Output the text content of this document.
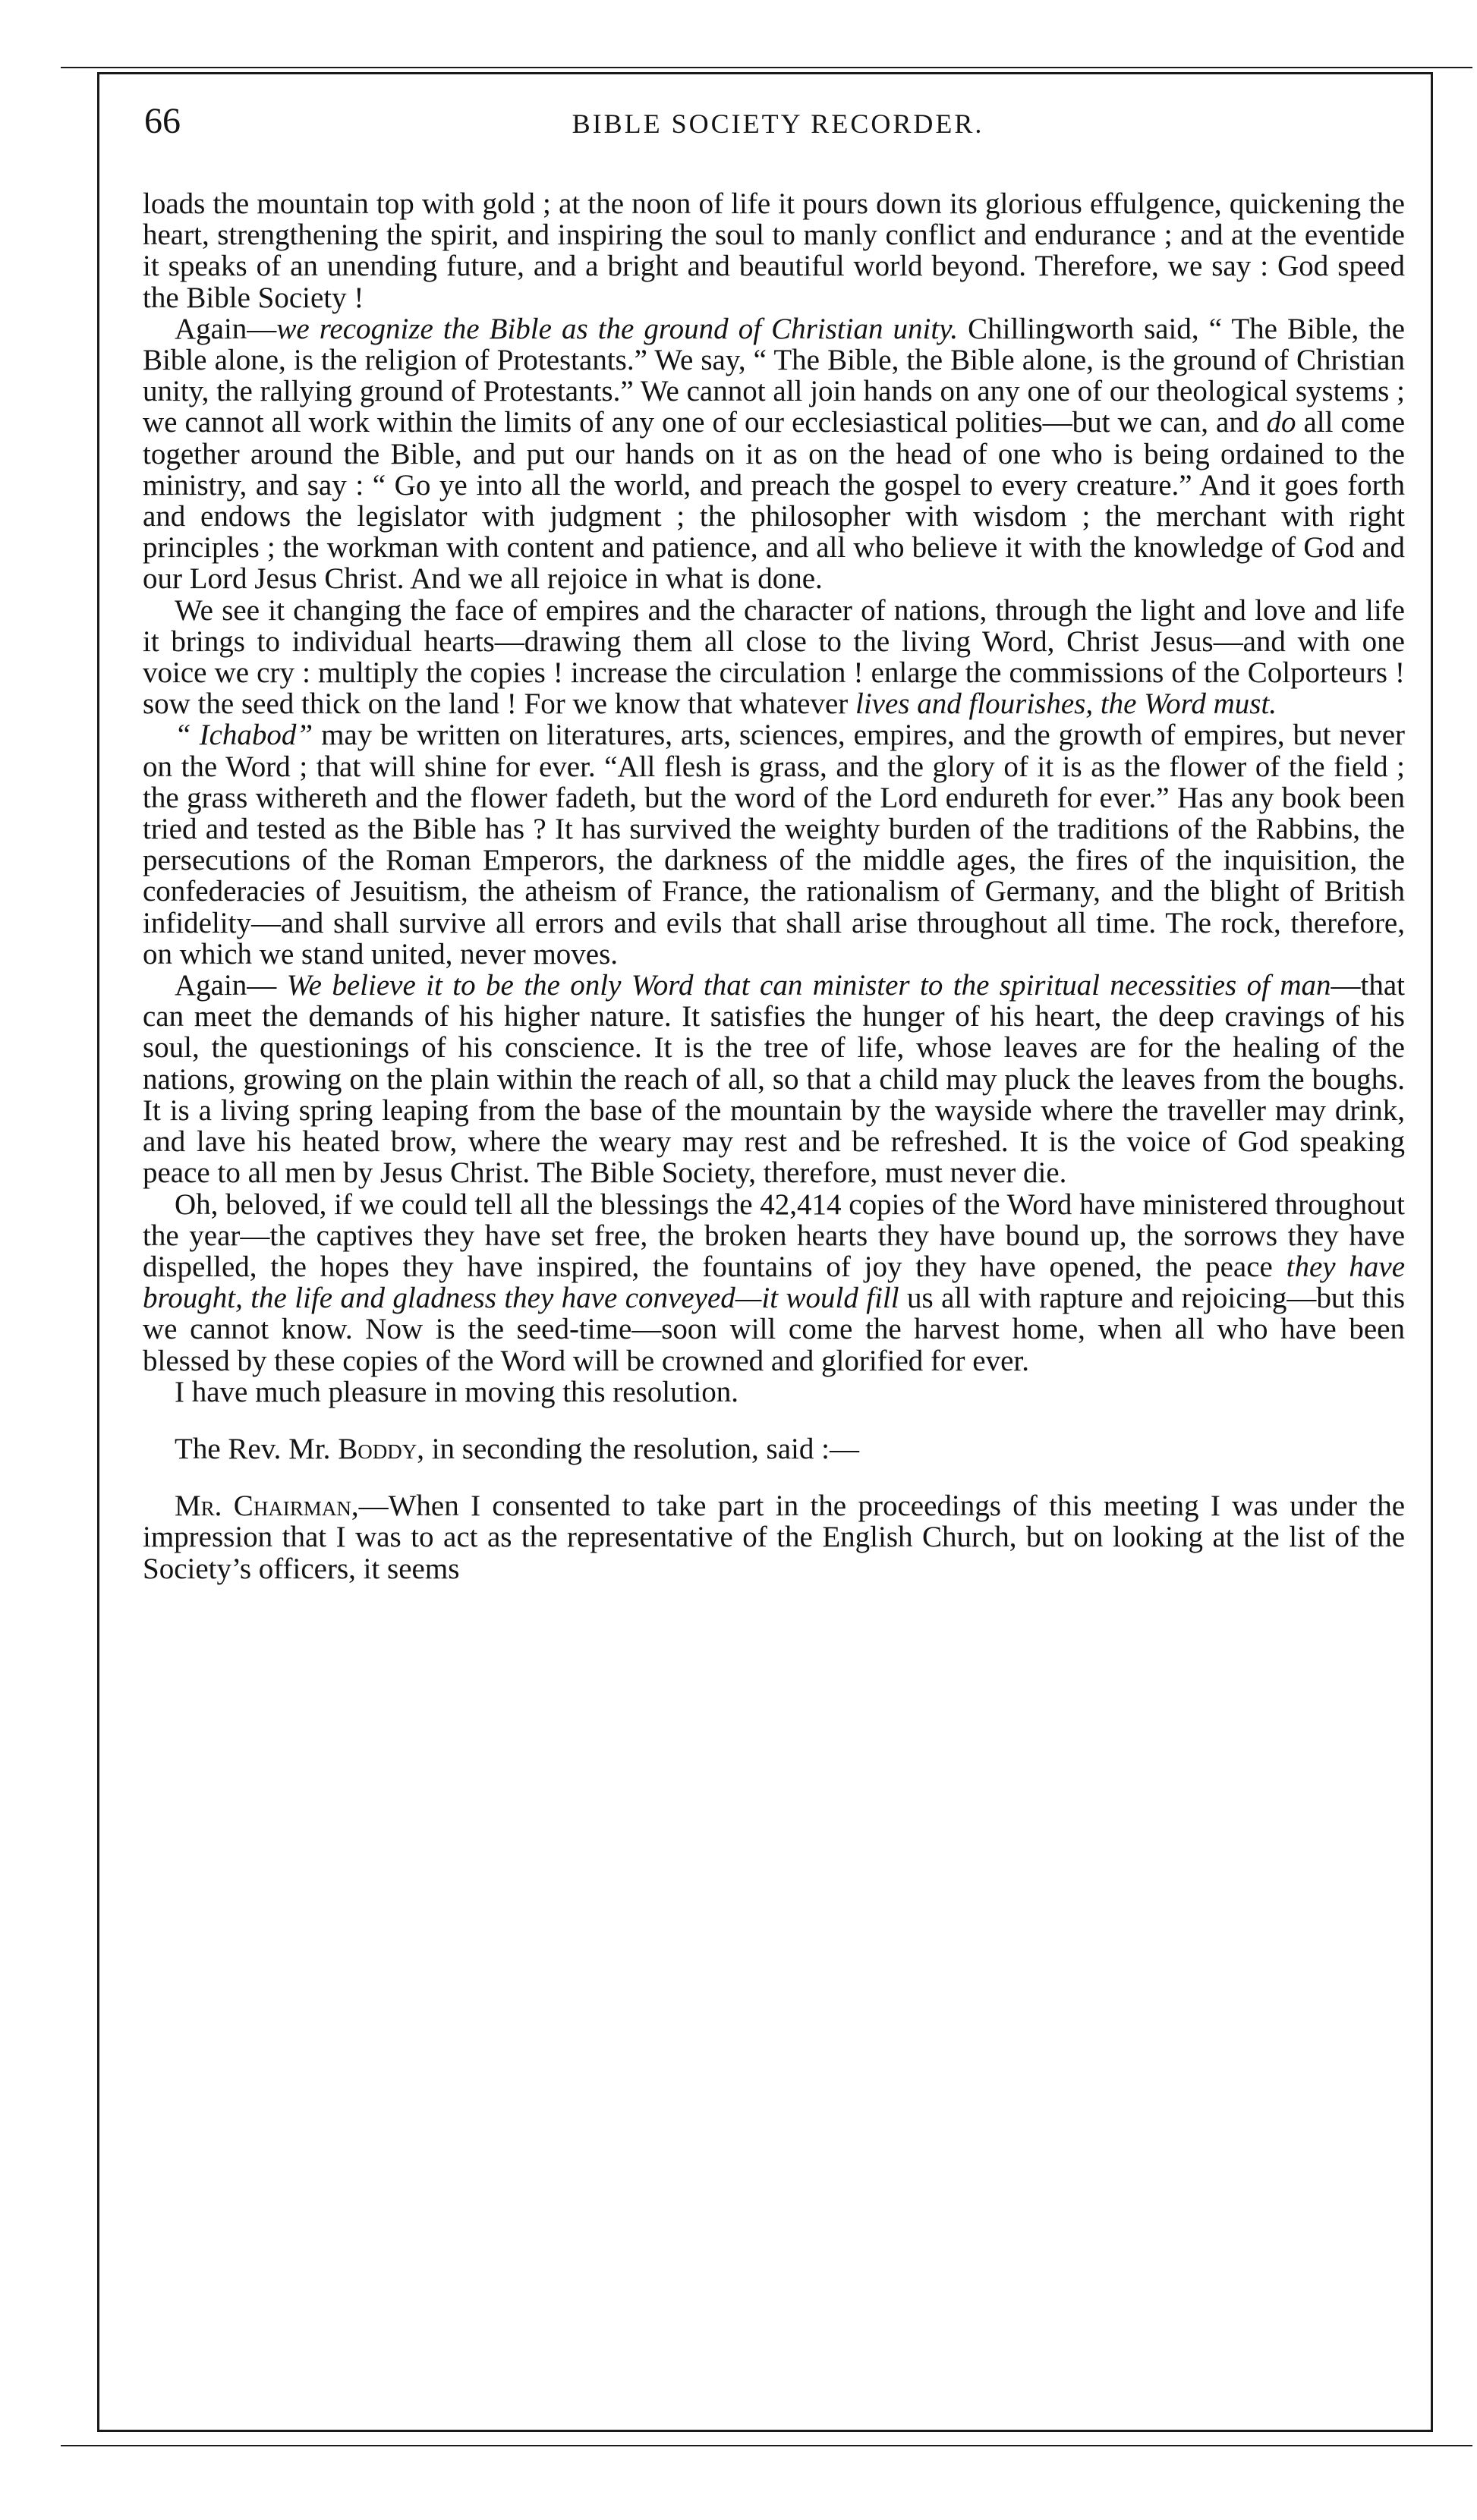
66	BIBLE SOCIETY RECORDER.

loads the mountain top with gold ; at the noon of life it pours down its glorious effulgence, quickening the heart, strengthening the spirit, and inspiring the soul to manly conflict and endurance ; and at the eventide it speaks of an unending future, and a bright and beautiful world beyond. Therefore, we say : God speed the Bible Society !

Again—we recognize the Bible as the ground of Christian unity. Chillingworth said, “ The Bible, the Bible alone, is the religion of Protestants.” We say, “ The Bible, the Bible alone, is the ground of Christian unity, the rallying ground of Protestants.” We cannot all join hands on any one of our theological systems ; we cannot all work within the limits of any one of our ecclesiastical polities—but we can, and do all come together around the Bible, and put our hands on it as on the head of one who is being ordained to the ministry, and say : “ Go ye into all the world, and preach the gospel to every creature.” And it goes forth and endows the legislator with judgment ; the philosopher with wisdom ; the merchant with right principles ; the workman with content and patience, and all who believe it with the knowledge of God and our Lord Jesus Christ. And we all rejoice in what is done.

We see it changing the face of empires and the character of nations, through the light and love and life it brings to individual hearts—drawing them all close to the living Word, Christ Jesus—and with one voice we cry : multiply the copies ! increase the circulation ! enlarge the commissions of the Colporteurs ! sow the seed thick on the land ! For we know that whatever lives and flourishes, the Word must.

“ Ichabod” may be written on literatures, arts, sciences, empires, and the growth of empires, but never on the Word ; that will shine for ever. “All flesh is grass, and the glory of it is as the flower of the field ; the grass withereth and the flower fadeth, but the word of the Lord endureth for ever.” Has any book been tried and tested as the Bible has ? It has survived the weighty burden of the traditions of the Rabbins, the persecutions of the Roman Emperors, the darkness of the middle ages, the fires of the inquisition, the confederacies of Jesuitism, the atheism of France, the rationalism of Germany, and the blight of British infidelity—and shall survive all errors and evils that shall arise throughout all time. The rock, therefore, on which we stand united, never moves.

Again— We believe it to be the only Word that can minister to the spiritual necessities of man—that can meet the demands of his higher nature. It satisfies the hunger of his heart, the deep cravings of his soul, the questionings of his conscience. It is the tree of life, whose leaves are for the healing of the nations, growing on the plain within the reach of all, so that a child may pluck the leaves from the boughs. It is a living spring leaping from the base of the mountain by the wayside where the traveller may drink, and lave his heated brow, where the weary may rest and be refreshed. It is the voice of God speaking peace to all men by Jesus Christ. The Bible Society, therefore, must never die.

Oh, beloved, if we could tell all the blessings the 42,414 copies of the Word have ministered throughout the year—the captives they have set free, the broken hearts they have bound up, the sorrows they have dispelled, the hopes they have inspired, the fountains of joy they have opened, the peace they have brought, the life and gladness they have conveyed—it would fill us all with rapture and rejoicing—but this we cannot know. Now is the seed-time—soon will come the harvest home, when all who have been blessed by these copies of the Word will be crowned and glorified for ever.

I have much pleasure in moving this resolution.

The Rev. Mr. Boddy, in seconding the resolution, said :—

Mr. Chairman,—When I consented to take part in the proceedings of this meeting I was under the impression that I was to act as the representative of the English Church, but on looking at the list of the Society’s officers, it seems
